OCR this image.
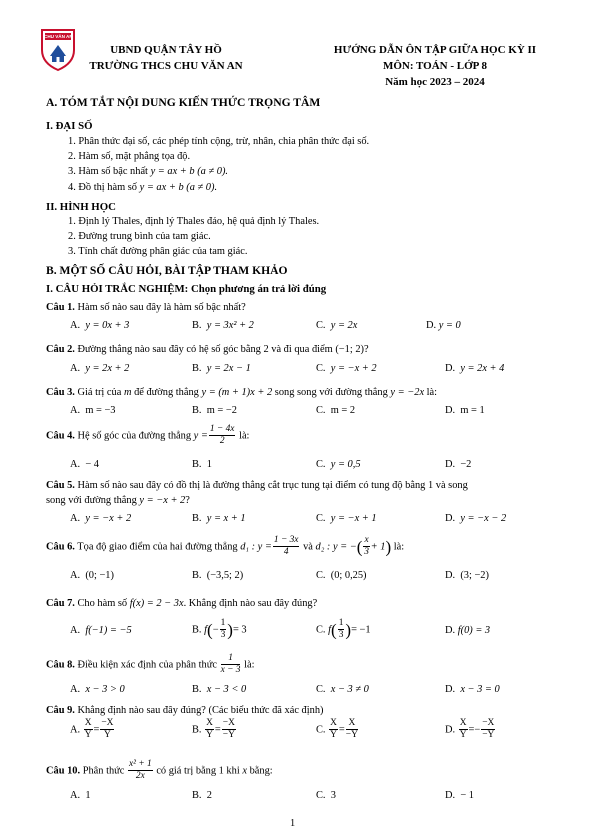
CHU VĂN AN
UBND QUẬN TÂY HỒ
TRƯỜNG THCS CHU VĂN AN
HƯỚNG DẪN ÔN TẬP GIỮA HỌC KỲ II
MÔN: TOÁN - LỚP 8
Năm học 2023 – 2024
A. TÓM TẮT NỘI DUNG KIẾN THỨC TRỌNG TÂM
I. ĐẠI SỐ
1. Phân thức đại số, các phép tính cộng, trừ, nhân, chia phân thức đại số.
2. Hàm số, mặt phẳng tọa độ.
3. Hàm số bậc nhất y = ax + b (a ≠ 0).
4. Đồ thị hàm số y = ax + b (a ≠ 0).
II. HÌNH HỌC
1. Định lý Thales, định lý Thales đảo, hệ quả định lý Thales.
2. Đường trung bình của tam giác.
3. Tính chất đường phân giác của tam giác.
B. MỘT SỐ CÂU HỎI, BÀI TẬP THAM KHẢO
I. CÂU HỎI TRẮC NGHIỆM: Chọn phương án trả lời đúng
Câu 1. Hàm số nào sau đây là hàm số bậc nhất?
A. y = 0x + 3	B. y = 3x² + 2	C. y = 2x	D. y = 0
Câu 2. Đường thẳng nào sau đây có hệ số góc bằng 2 và đi qua điểm (−1; 2)?
A. y = 2x + 2	B. y = 2x − 1	C. y = −x + 2	D. y = 2x + 4
Câu 3. Giá trị của m để đường thẳng y = (m + 1)x + 2 song song với đường thẳng y = −2x là:
A. m = −3	B. m = −2	C. m = 2	D. m = 1
Câu 4. Hệ số góc của đường thẳng $y = \frac{1 - 4x}{2}$ là:
A. − 4	B. 1	C. y = 0,5	D. −2
Câu 5. Hàm số nào sau đây có đồ thị là đường thẳng cắt trục tung tại điểm có tung độ bằng 1 và song
song với đường thẳng y = −x + 2?
A. y = −x + 2	B. y = x + 1	C. y = −x + 1	D. y = −x − 2
Câu 6. Tọa độ giao điểm của hai đường thẳng d₁ : $y = \frac{1 - 3x}{4}$ và d₂ : y = −( $\frac{x}{3} + 1$) là:
A. (0; −1)	B. (−3,5; 2)	C. (0; 0,25)	D. (3; −2)
Câu 7. Cho hàm số f(x) = 2 − 3x. Khẳng định nào sau đây đúng?
A. f(−1) = −5	B. $f(- \frac{1}{3}$ )= 3	C. $f( \frac{1}{3}$ )= −1	D. f(0) = 3
Câu 8. Điều kiện xác định của phân thức $\frac{1}{x - 3}$ là:
A. x − 3 > 0	B. x − 3 < 0	C. x − 3 ≠ 0	D. x − 3 = 0
Câu 9. Khẳng định nào sau đây đúng? (Các biểu thức đã xác định)
A. $\frac{X}{Y} = \frac{-X}{Y}$	B. $\frac{X}{Y} = \frac{-X}{-Y}$	C. $\frac{X}{Y} = \frac{X}{-Y}$	D. $\frac{X}{Y} =- \frac{-X}{-Y}$
Câu 10. Phân thức $\frac{\text{x² + 1}}{2x}$ có giá trị bằng 1 khi x bằng:
A. 1	B. 2	C. 3	D. − 1
1
